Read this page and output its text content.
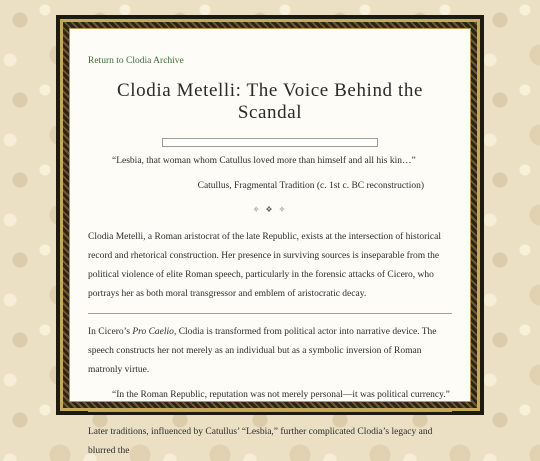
Return to Clodia Archive
Clodia Metelli: The Voice Behind the Scandal
“Lesbia, that woman whom Catullus loved more than himself and all his kin…”
Catullus, Fragmental Tradition (c. 1st c. BC reconstruction)
✧ ❖ ✧

Clodia Metelli, a Roman aristocrat of the late Republic, exists at the intersection of historical record and rhetorical construction. Her presence in surviving sources is inseparable from the political violence of elite Roman speech, particularly in the forensic attacks of Cicero, who portrays her as both moral transgressor and emblem of aristocratic decay.

In Cicero’s Pro Caelio, Clodia is transformed from political actor into narrative device. The speech constructs her not merely as an individual but as a symbolic inversion of Roman matronly virtue.

“In the Roman Republic, reputation was not merely personal—it was political currency.”

Later traditions, influenced by Catullus’ “Lesbia,” further complicated Clodia’s legacy and blurred the
